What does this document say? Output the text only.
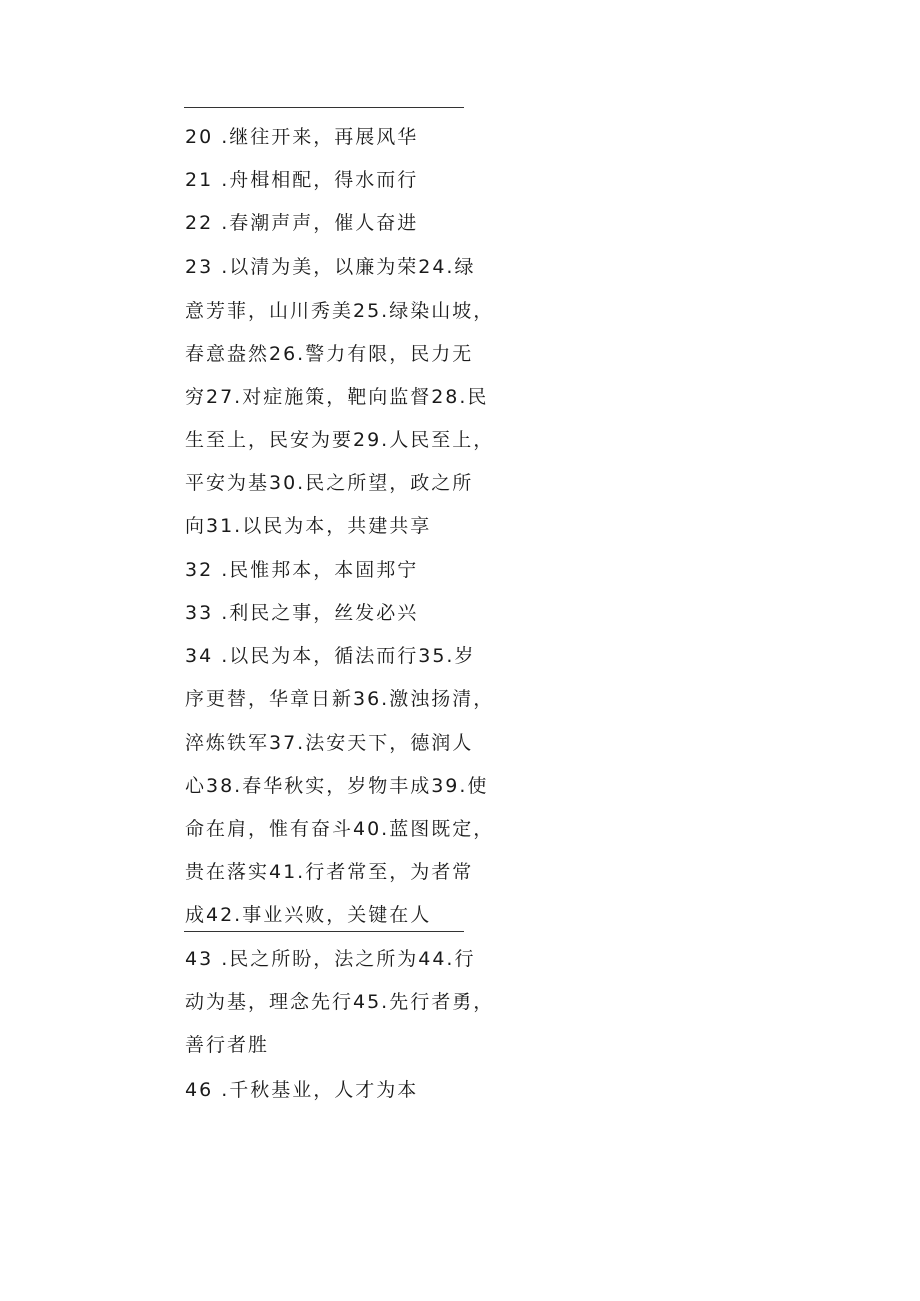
20 .继往开来，再展风华
21 .舟楫相配，得水而行
22 .春潮声声，催人奋进
23 .以清为美，以廉为荣24.绿
意芳菲，山川秀美25.绿染山坡，
春意盎然26.警力有限，民力无
穷27.对症施策，靶向监督28.民
生至上，民安为要29.人民至上，
平安为基30.民之所望，政之所
向31.以民为本，共建共享
32 .民惟邦本，本固邦宁
33 .利民之事，丝发必兴
34 .以民为本，循法而行35.岁
序更替，华章日新36.激浊扬清，
淬炼铁军37.法安天下，德润人
心38.春华秋实，岁物丰成39.使
命在肩，惟有奋斗40.蓝图既定，
贵在落实41.行者常至，为者常
成42.事业兴败，关键在人
43 .民之所盼，法之所为44.行
动为基，理念先行45.先行者勇，
善行者胜
46 .千秋基业，人才为本
